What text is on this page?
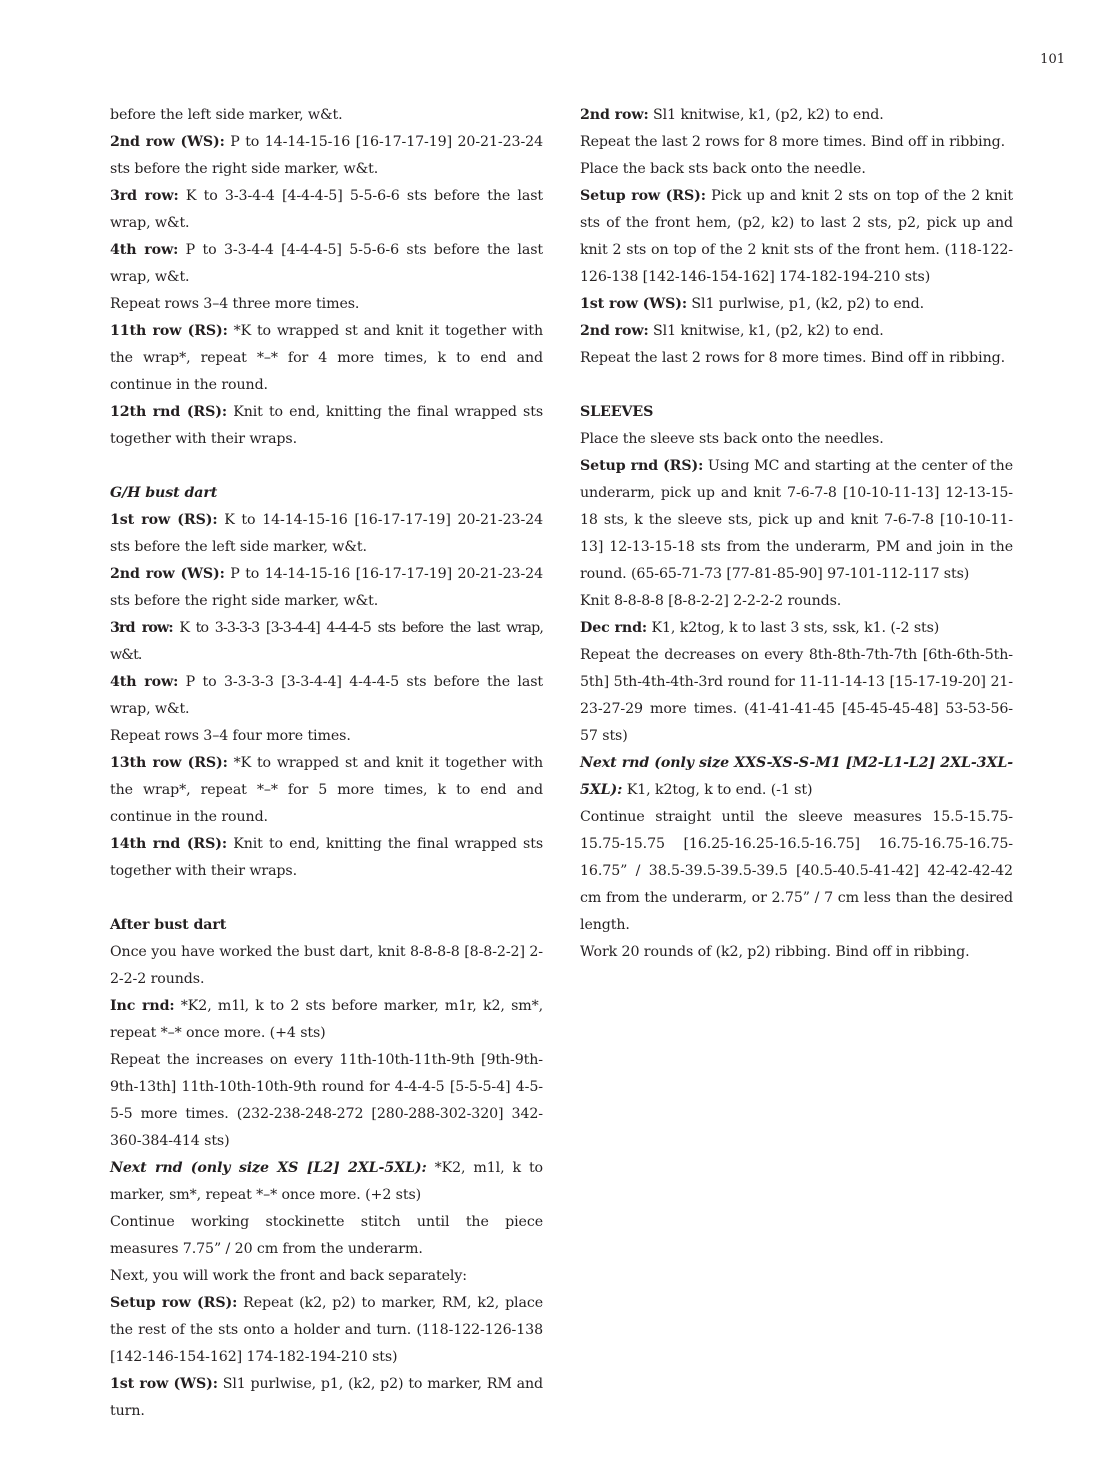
101

before the left side marker, w&t.

2nd row (WS): P to 14-14-15-16 [16-17-17-19] 20-21-23-24 sts before the right side marker, w&t.

3rd row: K to 3-3-4-4 [4-4-4-5] 5-5-6-6 sts before the last wrap, w&t.

4th row: P to 3-3-4-4 [4-4-4-5] 5-5-6-6 sts before the last wrap, w&t.

Repeat rows 3–4 three more times.

11th row (RS): *K to wrapped st and knit it together with the wrap*, repeat *–* for 4 more times, k to end and continue in the round.

12th rnd (RS): Knit to end, knitting the final wrapped sts together with their wraps.

G/H bust dart

1st row (RS): K to 14-14-15-16 [16-17-17-19] 20-21-23-24 sts before the left side marker, w&t.

2nd row (WS): P to 14-14-15-16 [16-17-17-19] 20-21-23-24 sts before the right side marker, w&t.

3rd row: K to 3-3-3-3 [3-3-4-4] 4-4-4-5 sts before the last wrap, w&t.

4th row: P to 3-3-3-3 [3-3-4-4] 4-4-4-5 sts before the last wrap, w&t.

Repeat rows 3–4 four more times.

13th row (RS): *K to wrapped st and knit it together with the wrap*, repeat *–* for 5 more times, k to end and continue in the round.

14th rnd (RS): Knit to end, knitting the final wrapped sts together with their wraps.

After bust dart

Once you have worked the bust dart, knit 8-8-8-8 [8-8-2-2] 2-2-2-2 rounds.

Inc rnd: *K2, m1l, k to 2 sts before marker, m1r, k2, sm*, repeat *–* once more. (+4 sts)

Repeat the increases on every 11th-10th-11th-9th [9th-9th-9th-13th] 11th-10th-10th-9th round for 4-4-4-5 [5-5-5-4] 4-5-5-5 more times. (232-238-248-272 [280-288-302-320] 342-360-384-414 sts)

Next rnd (only size XS [L2] 2XL-5XL): *K2, m1l, k to marker, sm*, repeat *–* once more. (+2 sts)

Continue working stockinette stitch until the piece measures 7.75” / 20 cm from the underarm.

Next, you will work the front and back separately:

Setup row (RS): Repeat (k2, p2) to marker, RM, k2, place the rest of the sts onto a holder and turn. (118-122-126-138 [142-146-154-162] 174-182-194-210 sts)

1st row (WS): Sl1 purlwise, p1, (k2, p2) to marker, RM and turn.

2nd row: Sl1 knitwise, k1, (p2, k2) to end.

Repeat the last 2 rows for 8 more times. Bind off in ribbing.

Place the back sts back onto the needle.

Setup row (RS): Pick up and knit 2 sts on top of the 2 knit sts of the front hem, (p2, k2) to last 2 sts, p2, pick up and knit 2 sts on top of the 2 knit sts of the front hem. (118-122-126-138 [142-146-154-162] 174-182-194-210 sts)

1st row (WS): Sl1 purlwise, p1, (k2, p2) to end.

2nd row: Sl1 knitwise, k1, (p2, k2) to end.

Repeat the last 2 rows for 8 more times. Bind off in ribbing.

SLEEVES

Place the sleeve sts back onto the needles.

Setup rnd (RS): Using MC and starting at the center of the underarm, pick up and knit 7-6-7-8 [10-10-11-13] 12-13-15-18 sts, k the sleeve sts, pick up and knit 7-6-7-8 [10-10-11-13] 12-13-15-18 sts from the underarm, PM and join in the round. (65-65-71-73 [77-81-85-90] 97-101-112-117 sts)

Knit 8-8-8-8 [8-8-2-2] 2-2-2-2 rounds.

Dec rnd: K1, k2tog, k to last 3 sts, ssk, k1. (-2 sts)

Repeat the decreases on every 8th-8th-7th-7th [6th-6th-5th-5th] 5th-4th-4th-3rd round for 11-11-14-13 [15-17-19-20] 21-23-27-29 more times. (41-41-41-45 [45-45-45-48] 53-53-56-57 sts)

Next rnd (only size XXS-XS-S-M1 [M2-L1-L2] 2XL-3XL-5XL): K1, k2tog, k to end. (-1 st)

Continue straight until the sleeve measures 15.5-15.75-15.75-15.75 [16.25-16.25-16.5-16.75] 16.75-16.75-16.75-16.75” / 38.5-39.5-39.5-39.5 [40.5-40.5-41-42] 42-42-42-42 cm from the underarm, or 2.75” / 7 cm less than the desired length.

Work 20 rounds of (k2, p2) ribbing. Bind off in ribbing.
